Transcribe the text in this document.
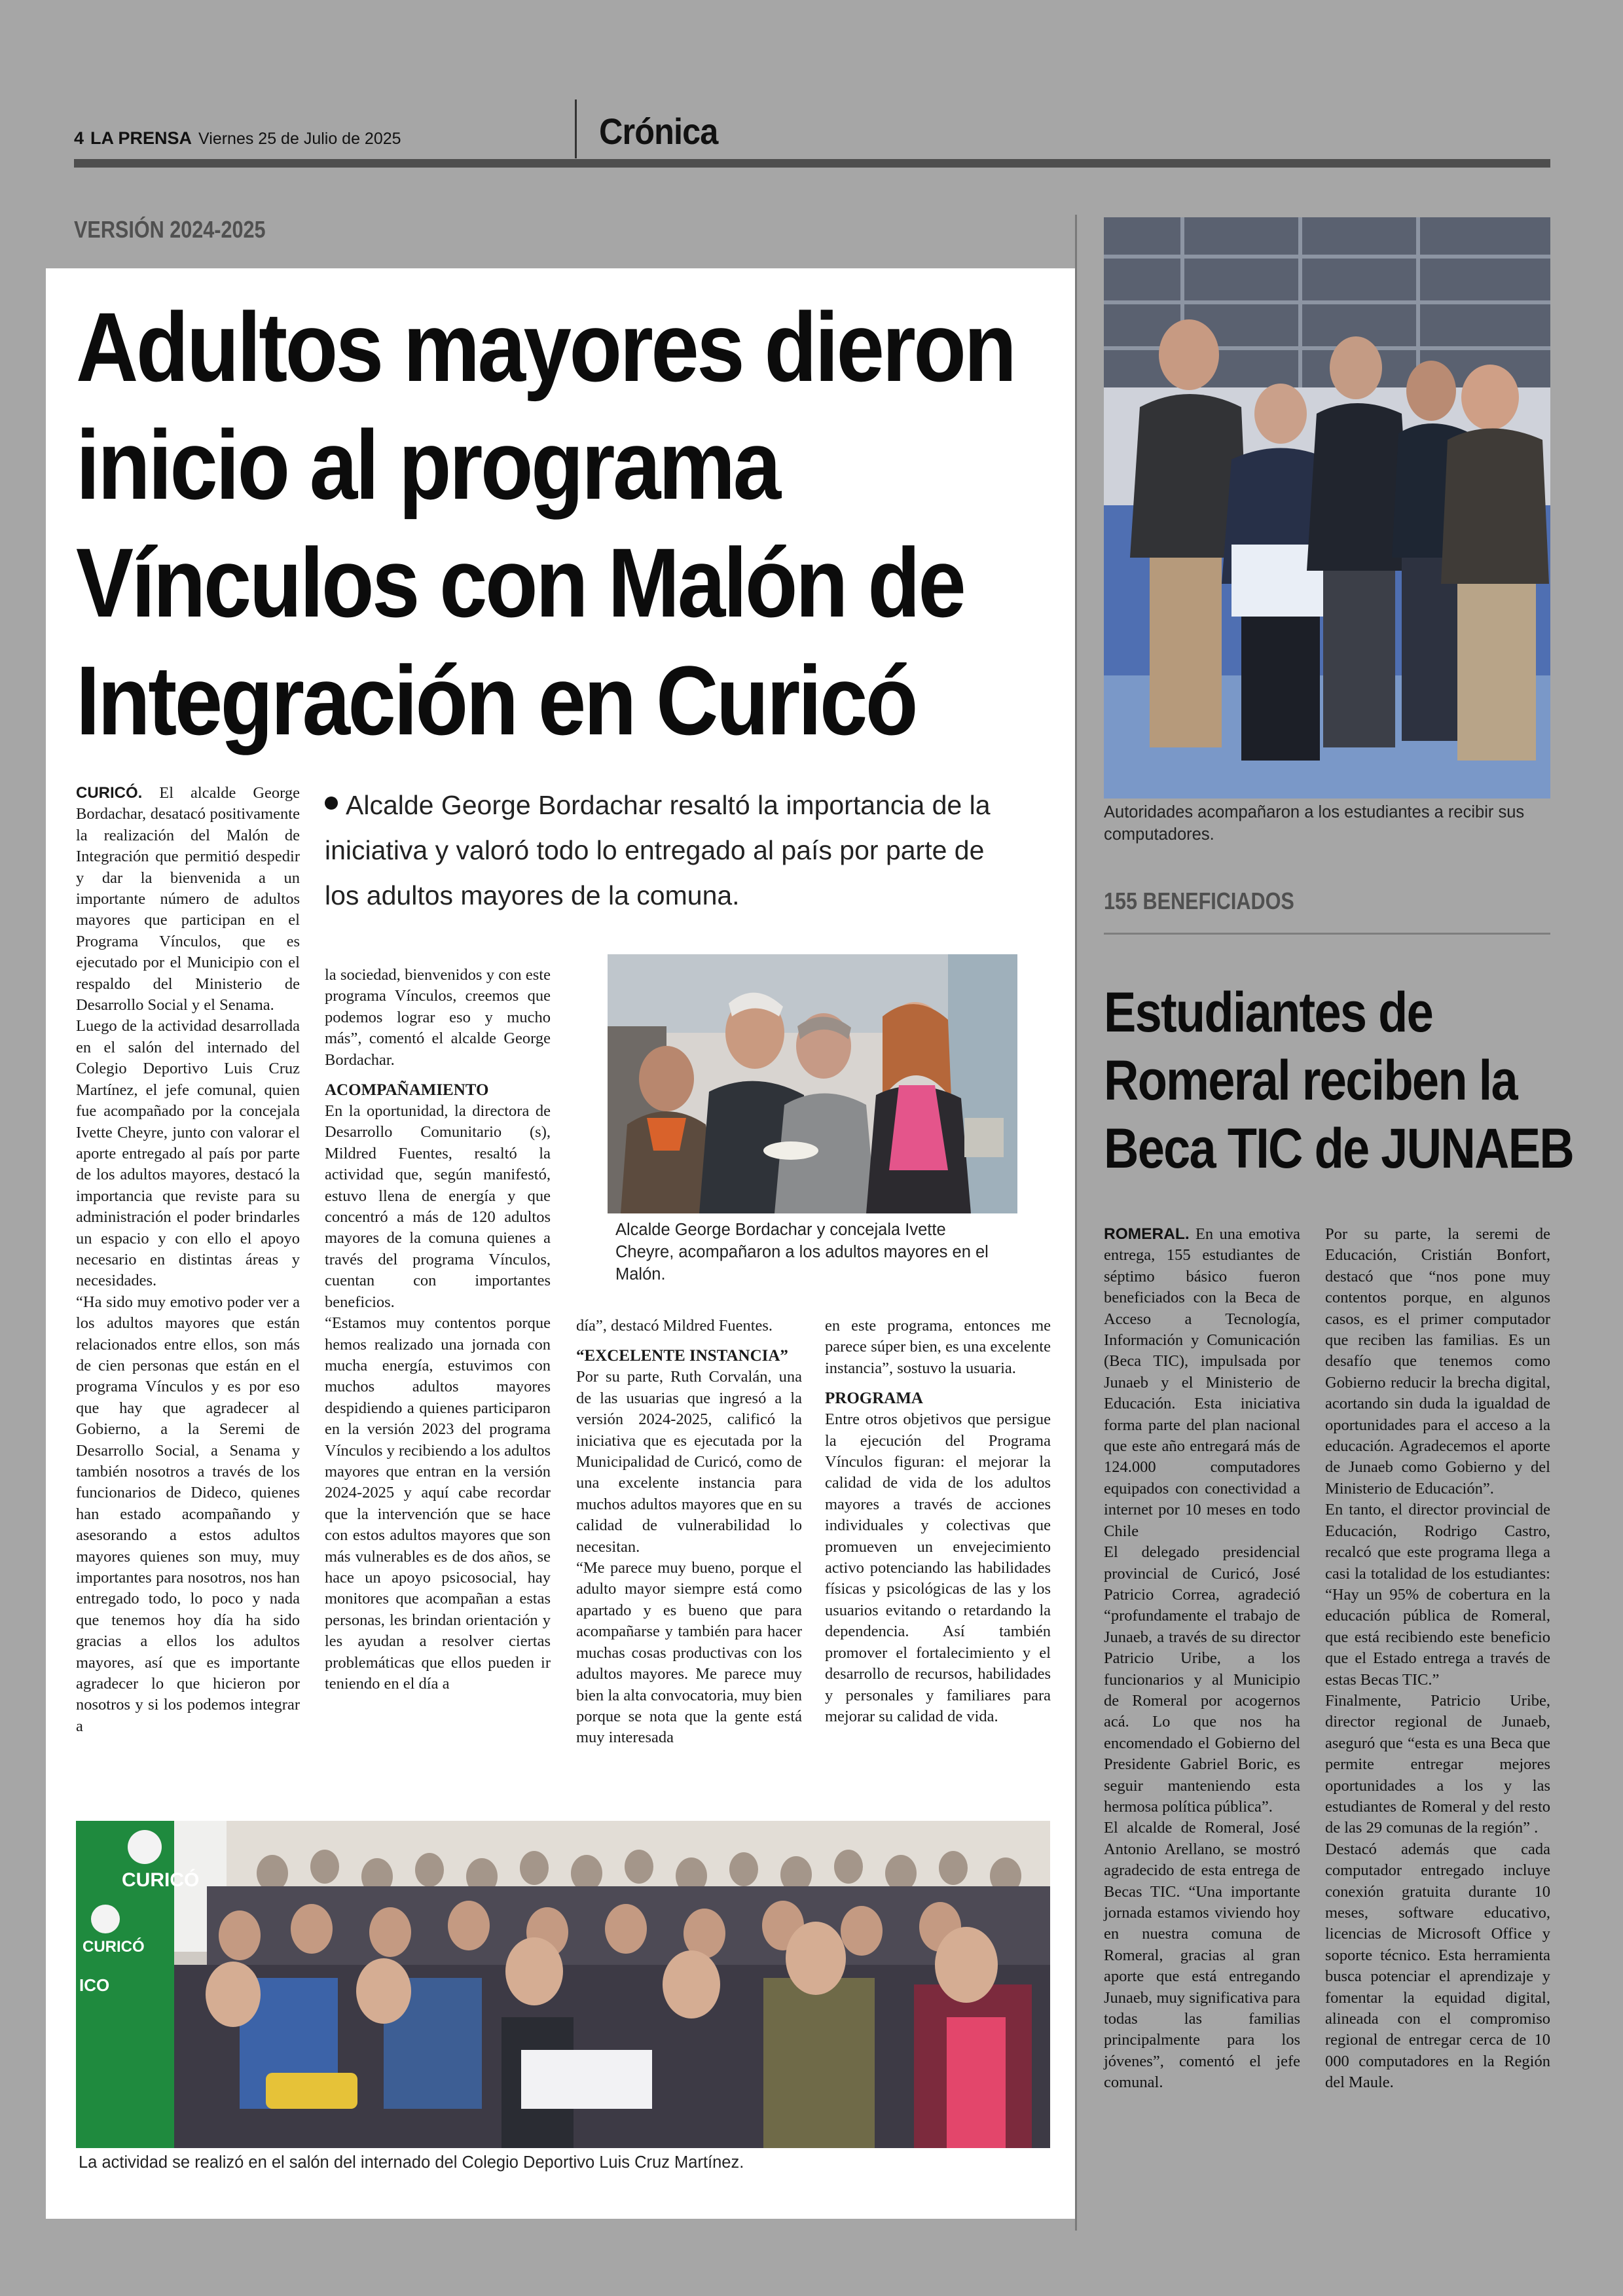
4 LA PRENSA Viernes 25 de Julio de 2025	Crónica
VERSIÓN 2024-2025
Adultos mayores dieron
inicio al programa
Vínculos con Malón de
Integración en Curicó
Alcalde George Bordachar resaltó la importancia de la iniciativa y valoró todo lo entregado al país por parte de los adultos mayores de la comuna.

CURICÓ. El alcalde George Bordachar, desatacó positivamente la realización del Malón de Integración que permitió despedir y dar la bienvenida a un importante número de adultos mayores que participan en el Programa Vínculos, que es ejecutado por el Municipio con el respaldo del Ministerio de Desarrollo Social y el Senama.

Luego de la actividad desarrollada en el salón del internado del Colegio Deportivo Luis Cruz Martínez, el jefe comunal, quien fue acompañado por la concejala Ivette Cheyre, junto con valorar el aporte entregado al país por parte de los adultos mayores, destacó la importancia que reviste para su administración el poder brindarles un espacio y con ello el apoyo necesario en distintas áreas y necesidades.

“Ha sido muy emotivo poder ver a los adultos mayores que están relacionados entre ellos, son más de cien personas que están en el programa Vínculos y es por eso que hay que agradecer al Gobierno, a la Seremi de Desarrollo Social, a Senama y también nosotros a través de los funcionarios de Dideco, quienes han estado acompañando y asesorando a estos adultos mayores quienes son muy, muy importantes para nosotros, nos han entregado todo, lo poco y nada que tenemos hoy día ha sido gracias a ellos los adultos mayores, así que es importante agradecer lo que hicieron por nosotros y si los podemos integrar a

la sociedad, bienvenidos y con este programa Vínculos, creemos que podemos lograr eso y mucho más”, comentó el alcalde George Bordachar.

ACOMPAÑAMIENTO

En la oportunidad, la directora de Desarrollo Comunitario (s), Mildred Fuentes, resaltó la actividad que, según manifestó, estuvo llena de energía y que concentró a más de 120 adultos mayores de la comuna quienes a través del programa Vínculos, cuentan con importantes beneficios.

“Estamos muy contentos porque hemos realizado una jornada con mucha energía, estuvimos con muchos adultos mayores despidiendo a quienes participaron en la versión 2023 del programa Vínculos y recibiendo a los adultos mayores que entran en la versión 2024-2025 y aquí cabe recordar que la intervención que se hace con estos adultos mayores que son más vulnerables es de dos años, se hace un apoyo psicosocial, hay monitores que acompañan a estas personas, les brindan orientación y les ayudan a resolver ciertas problemáticas que ellos pueden ir teniendo en el día a

Alcalde George Bordachar y concejala Ivette Cheyre, acompañaron a los adultos mayores en el Malón.

día”, destacó Mildred Fuentes.

“EXCELENTE INSTANCIA”

Por su parte, Ruth Corvalán, una de las usuarias que ingresó a la versión 2024-2025, calificó la iniciativa que es ejecutada por la Municipalidad de Curicó, como de una excelente instancia para muchos adultos mayores que en su calidad de vulnerabilidad lo necesitan.

“Me parece muy bueno, porque el adulto mayor siempre está como apartado y es bueno que para acompañarse y también para hacer muchas cosas productivas con los adultos mayores. Me parece muy bien la alta convocatoria, muy bien porque se nota que la gente está muy interesada

en este programa, entonces me parece súper bien, es una excelente instancia”, sostuvo la usuaria.

PROGRAMA

Entre otros objetivos que persigue la ejecución del Programa Vínculos figuran: el mejorar la calidad de vida de los adultos mayores a través de acciones individuales y colectivas que promueven un envejecimiento activo potenciando las habilidades físicas y psicológicas de las y los usuarios evitando o retardando la dependencia. Así también promover el fortalecimiento y el desarrollo de recursos, habilidades y personales y familiares para mejorar su calidad de vida.

CURICÓ
CURICÓ
ICO
La actividad se realizó en el salón del internado del Colegio Deportivo Luis Cruz Martínez.
Autoridades acompañaron a los estudiantes a recibir sus computadores.
155 BENEFICIADOS
Estudiantes de
Romeral reciben la
Beca TIC de JUNAEB

ROMERAL. En una emotiva entrega, 155 estudiantes de séptimo básico fueron beneficiados con la Beca de Acceso a Tecnología, Información y Comunicación (Beca TIC), impulsada por Junaeb y el Ministerio de Educación. Esta iniciativa forma parte del plan nacional que este año entregará más de 124.000 computadores equipados con conectividad a internet por 10 meses en todo Chile

El delegado presidencial provincial de Curicó, José Patricio Correa, agradeció “profundamente el trabajo de Junaeb, a través de su director Patricio Uribe, a los funcionarios y al Municipio de Romeral por acogernos acá. Lo que nos ha encomendado el Gobierno del Presidente Gabriel Boric, es seguir manteniendo esta hermosa política pública”.

El alcalde de Romeral, José Antonio Arellano, se mostró agradecido de esta entrega de Becas TIC. “Una importante jornada estamos viviendo hoy en nuestra comuna de Romeral, gracias al gran aporte que está entregando Junaeb, muy significativa para todas las familias principalmente para los jóvenes”, comentó el jefe comunal.

Por su parte, la seremi de Educación, Cristián Bonfort, destacó que “nos pone muy contentos porque, en algunos casos, es el primer computador que reciben las familias. Es un desafío que tenemos como Gobierno reducir la brecha digital, acortando sin duda la igualdad de oportunidades para el acceso a la educación. Agradecemos el aporte de Junaeb como Gobierno y del Ministerio de Educación”.

En tanto, el director provincial de Educación, Rodrigo Castro, recalcó que este programa llega a casi la totalidad de los estudiantes: “Hay un 95% de cobertura en la educación pública de Romeral, que está recibiendo este beneficio que el Estado entrega a través de estas Becas TIC.”

Finalmente, Patricio Uribe, director regional de Junaeb, aseguró que “esta es una Beca que permite entregar mejores oportunidades a los y las estudiantes de Romeral y del resto de las 29 comunas de la región” .

Destacó además que cada computador entregado incluye conexión gratuita durante 10 meses, software educativo, licencias de Microsoft Office y soporte técnico. Esta herramienta busca potenciar el aprendizaje y fomentar la equidad digital, alineada con el compromiso regional de entregar cerca de 10 000 computadores en la Región del Maule.
